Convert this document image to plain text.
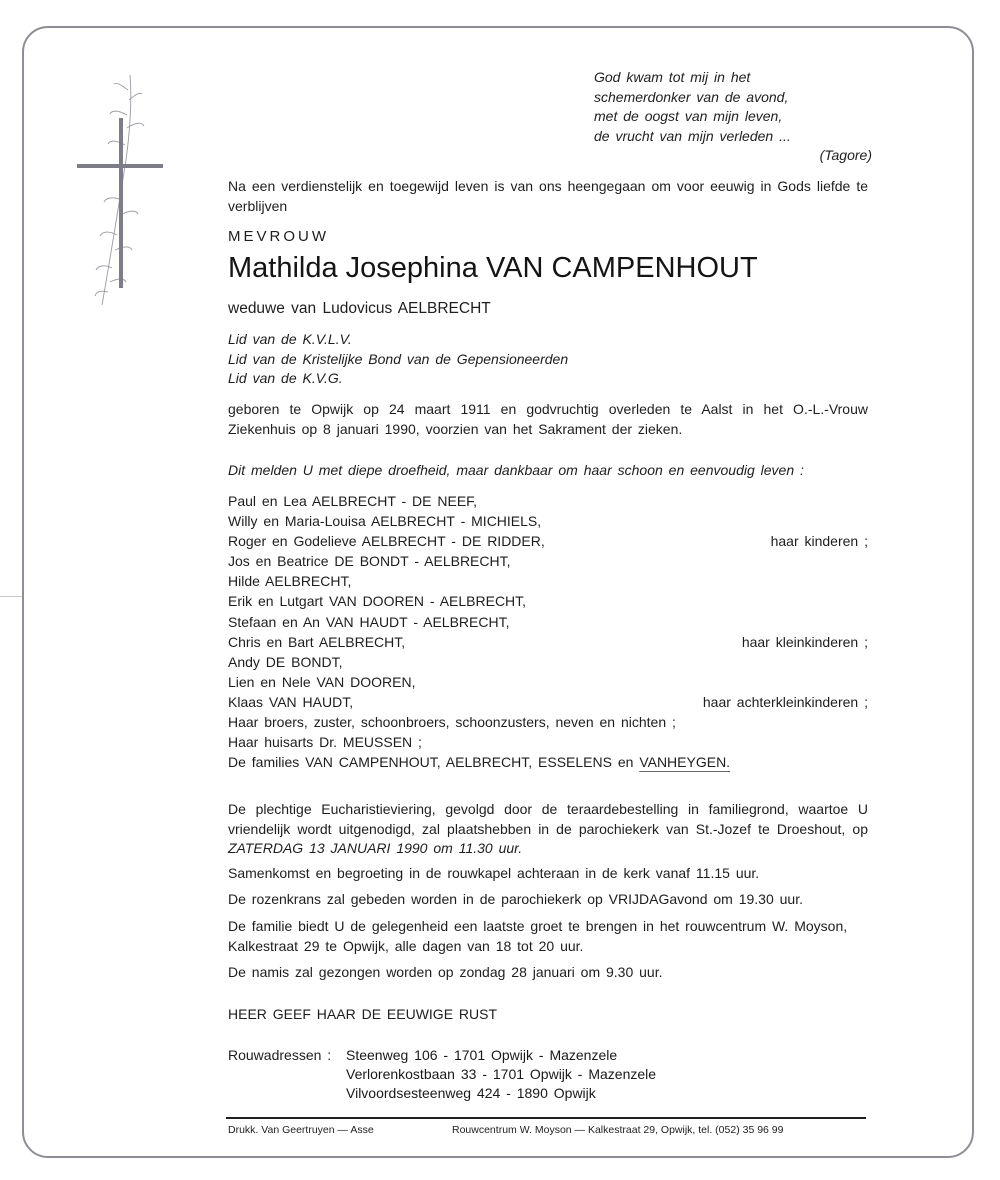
God kwam tot mij in het
schemerdonker van de avond,
met de oogst van mijn leven,
de vrucht van mijn verleden ...
(Tagore)
Na een verdienstelijk en toegewijd leven is van ons heengegaan om voor eeuwig in Gods liefde te verblijven
MEVROUW
Mathilda Josephina VAN CAMPENHOUT
weduwe van Ludovicus AELBRECHT
Lid van de K.V.L.V.
Lid van de Kristelijke Bond van de Gepensioneerden
Lid van de K.V.G.
geboren te Opwijk op 24 maart 1911 en godvruchtig overleden te Aalst in het O.-L.-Vrouw Ziekenhuis op 8 januari 1990, voorzien van het Sakrament der zieken.
Dit melden U met diepe droefheid, maar dankbaar om haar schoon en eenvoudig leven :
Paul en Lea AELBRECHT - DE NEEF,
Willy en Maria-Louisa AELBRECHT - MICHIELS,
Roger en Godelieve AELBRECHT - DE RIDDER,	haar kinderen ;
Jos en Beatrice DE BONDT - AELBRECHT,
Hilde AELBRECHT,
Erik en Lutgart VAN DOOREN - AELBRECHT,
Stefaan en An VAN HAUDT - AELBRECHT,
Chris en Bart AELBRECHT,	haar kleinkinderen ;
Andy DE BONDT,
Lien en Nele VAN DOOREN,
Klaas VAN HAUDT,	haar achterkleinkinderen ;
Haar broers, zuster, schoonbroers, schoonzusters, neven en nichten ;
Haar huisarts Dr. MEUSSEN ;
De families VAN CAMPENHOUT, AELBRECHT, ESSELENS en VANHEYGEN.
De plechtige Eucharistieviering, gevolgd door de teraardebestelling in familiegrond, waartoe U vriendelijk wordt uitgenodigd, zal plaatshebben in de parochiekerk van St.-Jozef te Droeshout, op ZATERDAG 13 JANUARI 1990 om 11.30 uur.
Samenkomst en begroeting in de rouwkapel achteraan in de kerk vanaf 11.15 uur.
De rozenkrans zal gebeden worden in de parochiekerk op VRIJDAGavond om 19.30 uur.
De familie biedt U de gelegenheid een laatste groet te brengen in het rouwcentrum W. Moyson, Kalkestraat 29 te Opwijk, alle dagen van 18 tot 20 uur.
De namis zal gezongen worden op zondag 28 januari om 9.30 uur.
HEER GEEF HAAR DE EEUWIGE RUST
Rouwadressen : Steenweg 106 - 1701 Opwijk - Mazenzele
Verlorenkostbaan 33 - 1701 Opwijk - Mazenzele
Vilvoordsesteenweg 424 - 1890 Opwijk
Drukk. Van Geertruyen — Asse	Rouwcentrum W. Moyson — Kalkestraat 29, Opwijk, tel. (052) 35 96 99
